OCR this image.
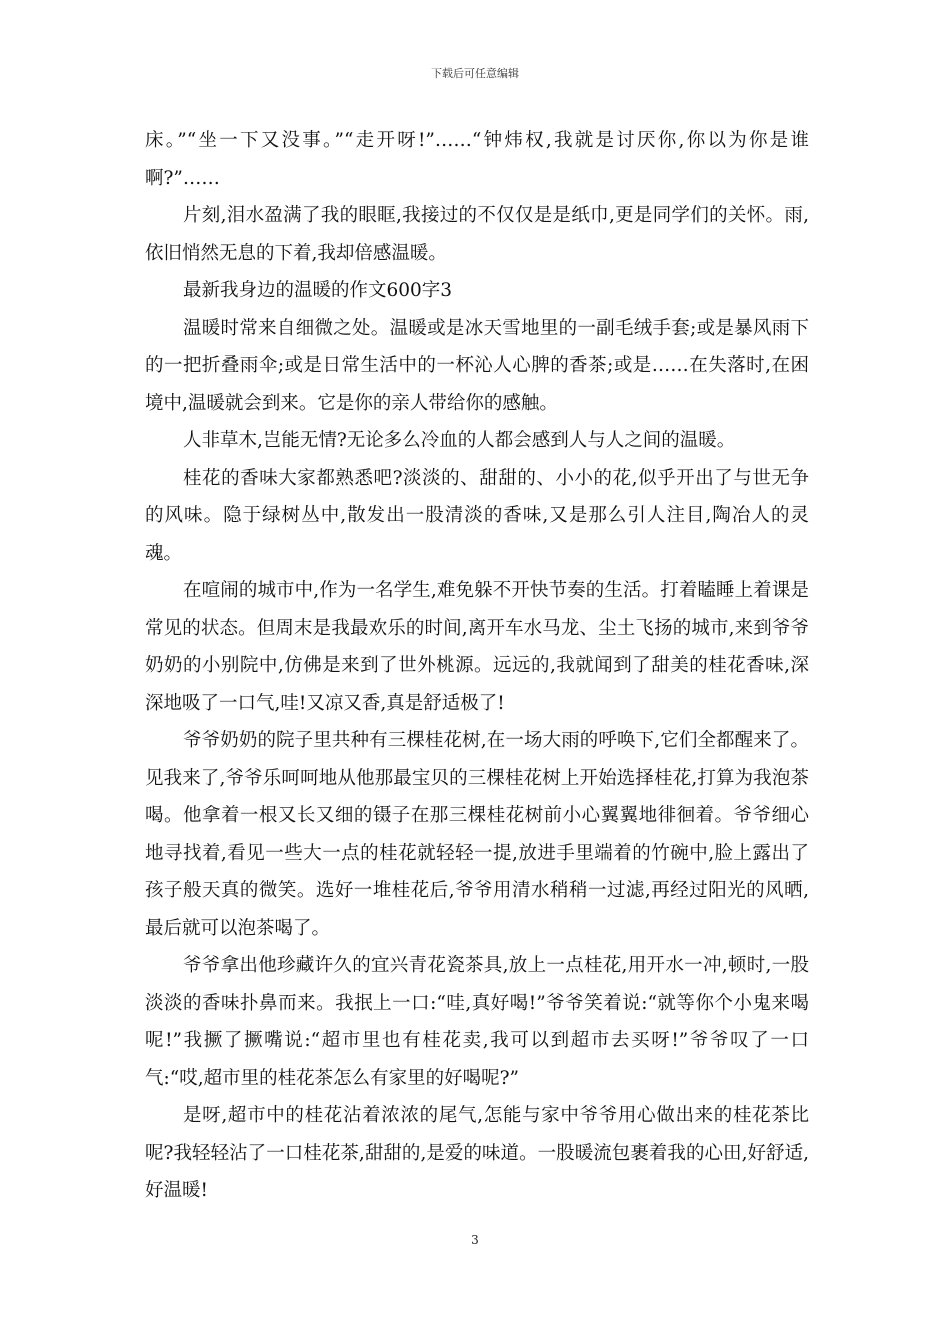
下载后可任意编辑

床。”“坐一下又没事。”“走开呀!”……“钟炜权,我就是讨厌你,你以为你是谁啊?”……

片刻,泪水盈满了我的眼眶,我接过的不仅仅是是纸巾,更是同学们的关怀。雨,依旧悄然无息的下着,我却倍感温暖。

最新我身边的温暖的作文600字3

温暖时常来自细微之处。温暖或是冰天雪地里的一副毛绒手套;或是暴风雨下的一把折叠雨伞;或是日常生活中的一杯沁人心脾的香茶;或是……在失落时,在困境中,温暖就会到来。它是你的亲人带给你的感触。

人非草木,岂能无情?无论多么冷血的人都会感到人与人之间的温暖。

桂花的香味大家都熟悉吧?淡淡的、甜甜的、小小的花,似乎开出了与世无争的风味。隐于绿树丛中,散发出一股清淡的香味,又是那么引人注目,陶冶人的灵魂。

在喧闹的城市中,作为一名学生,难免躲不开快节奏的生活。打着瞌睡上着课是常见的状态。但周末是我最欢乐的时间,离开车水马龙、尘土飞扬的城市,来到爷爷奶奶的小别院中,仿佛是来到了世外桃源。远远的,我就闻到了甜美的桂花香味,深深地吸了一口气,哇!又凉又香,真是舒适极了!

爷爷奶奶的院子里共种有三棵桂花树,在一场大雨的呼唤下,它们全都醒来了。见我来了,爷爷乐呵呵地从他那最宝贝的三棵桂花树上开始选择桂花,打算为我泡茶喝。他拿着一根又长又细的镊子在那三棵桂花树前小心翼翼地徘徊着。爷爷细心地寻找着,看见一些大一点的桂花就轻轻一提,放进手里端着的竹碗中,脸上露出了孩子般天真的微笑。选好一堆桂花后,爷爷用清水稍稍一过滤,再经过阳光的风晒,最后就可以泡茶喝了。

爷爷拿出他珍藏许久的宜兴青花瓷茶具,放上一点桂花,用开水一冲,顿时,一股淡淡的香味扑鼻而来。我抿上一口:“哇,真好喝!”爷爷笑着说:“就等你个小鬼来喝呢!”我撅了撅嘴说:“超市里也有桂花卖,我可以到超市去买呀!”爷爷叹了一口气:“哎,超市里的桂花茶怎么有家里的好喝呢?”

是呀,超市中的桂花沾着浓浓的尾气,怎能与家中爷爷用心做出来的桂花茶比呢?我轻轻沾了一口桂花茶,甜甜的,是爱的味道。一股暖流包裹着我的心田,好舒适,好温暖!

3
